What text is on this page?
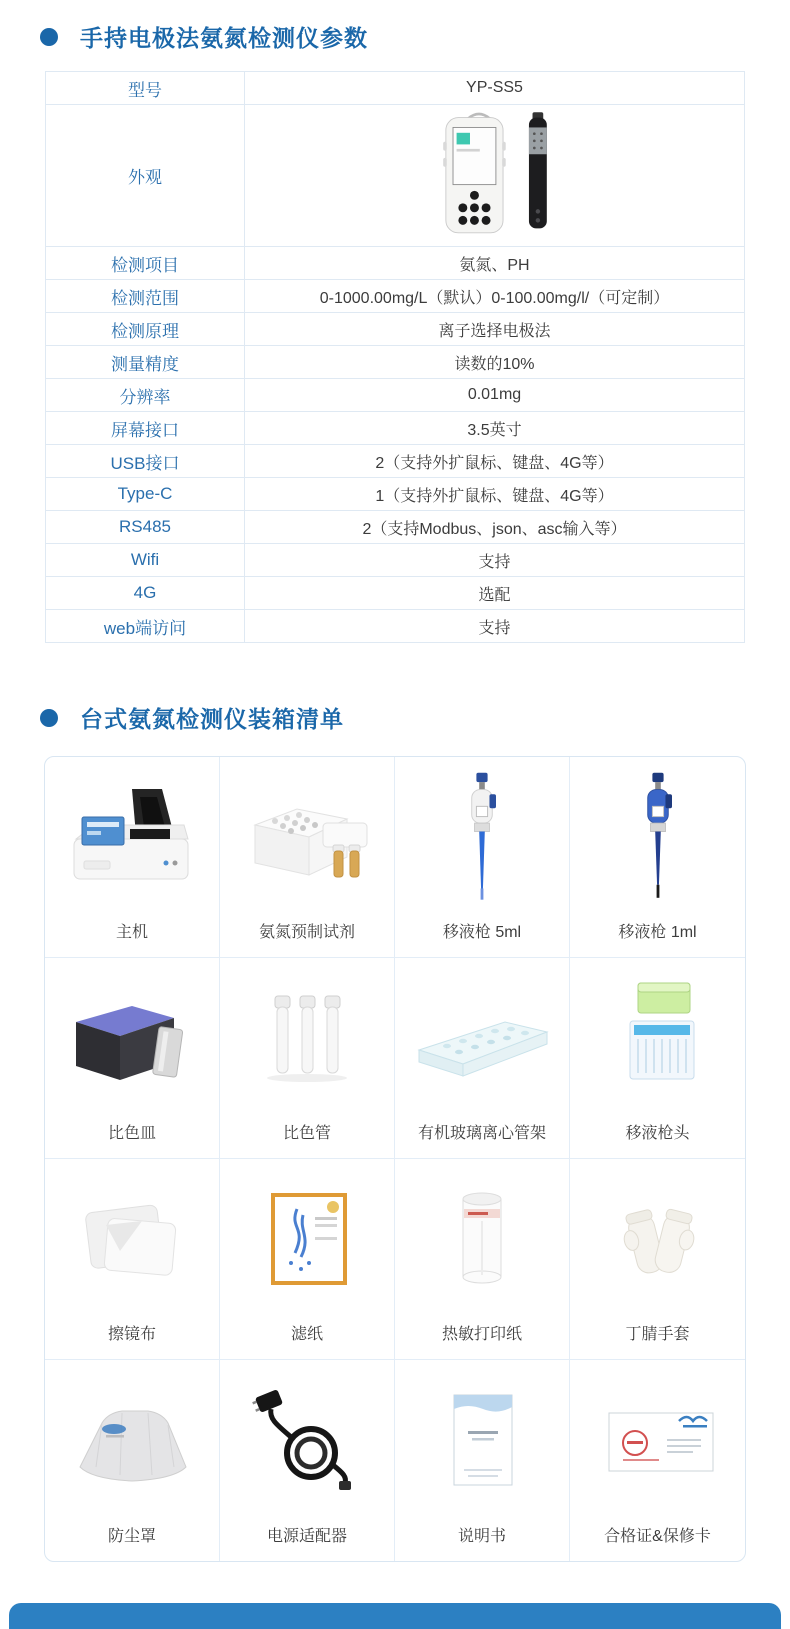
手持电极法氨氮检测仪参数
型号	YP-SS5
外观	
检测项目	氨氮、PH
检测范围	0-1000.00mg/L（默认）0-100.00mg/l/（可定制）
检测原理	离子选择电极法
测量精度	读数的10%
分辨率	0.01mg
屏幕接口	3.5英寸
USB接口	2（支持外扩鼠标、键盘、4G等）
Type-C	1（支持外扩鼠标、键盘、4G等）
RS485	2（支持Modbus、json、asc输入等）
Wifi	支持
4G	选配
web端访问	支持
台式氨氮检测仪装箱清单
主机	氨氮预制试剂	移液枪 5ml	移液枪 1ml
比色皿	比色管	有机玻璃离心管架	移液枪头
擦镜布	滤纸	热敏打印纸	丁腈手套
防尘罩	电源适配器	说明书	合格证&保修卡
